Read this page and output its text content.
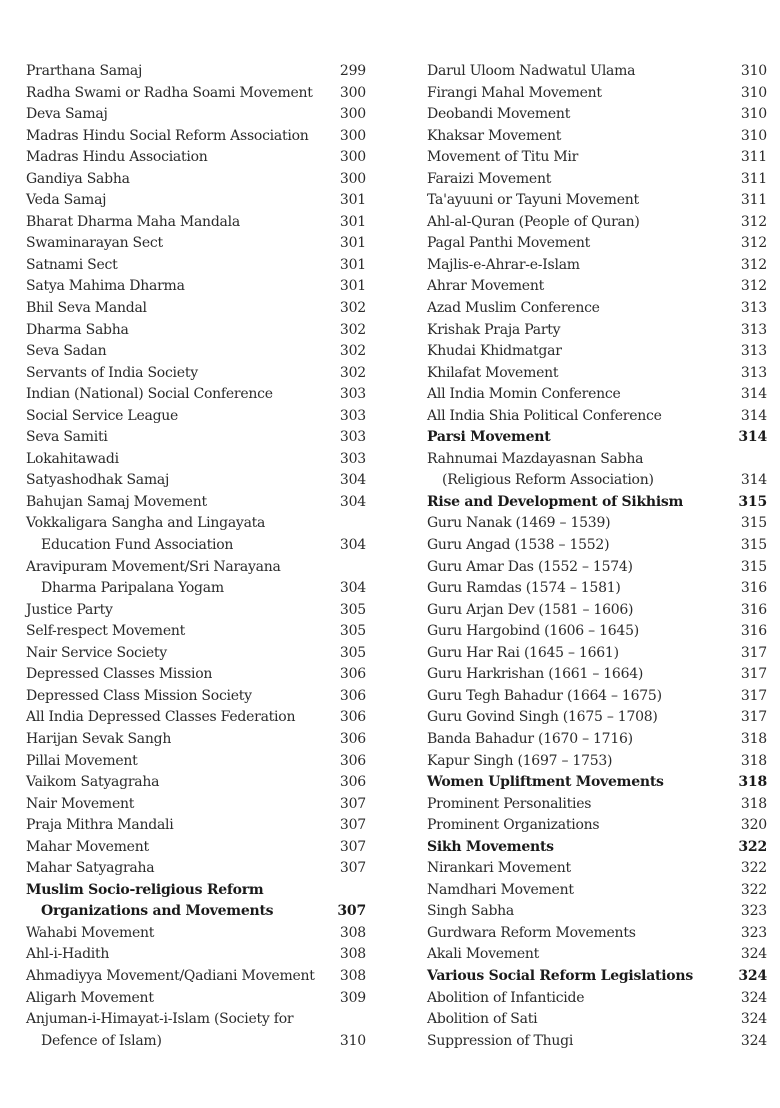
Prarthana Samaj	299
Radha Swami or Radha Soami Movement	300
Deva Samaj	300
Madras Hindu Social Reform Association	300
Madras Hindu Association	300
Gandiya Sabha	300
Veda Samaj	301
Bharat Dharma Maha Mandala	301
Swaminarayan Sect	301
Satnami Sect	301
Satya Mahima Dharma	301
Bhil Seva Mandal	302
Dharma Sabha	302
Seva Sadan	302
Servants of India Society	302
Indian (National) Social Conference	303
Social Service League	303
Seva Samiti	303
Lokahitawadi	303
Satyashodhak Samaj	304
Bahujan Samaj Movement	304
Vokkaligara Sangha and Lingayata
Education Fund Association	304
Aravipuram Movement/Sri Narayana
Dharma Paripalana Yogam	304
Justice Party	305
Self-respect Movement	305
Nair Service Society	305
Depressed Classes Mission	306
Depressed Class Mission Society	306
All India Depressed Classes Federation	306
Harijan Sevak Sangh	306
Pillai Movement	306
Vaikom Satyagraha	306
Nair Movement	307
Praja Mithra Mandali	307
Mahar Movement	307
Mahar Satyagraha	307
Muslim Socio-religious Reform
Organizations and Movements	307
Wahabi Movement	308
Ahl-i-Hadith	308
Ahmadiyya Movement/Qadiani Movement	308
Aligarh Movement	309
Anjuman-i-Himayat-i-Islam (Society for
Defence of Islam)	310
Darul Uloom Nadwatul Ulama	310
Firangi Mahal Movement	310
Deobandi Movement	310
Khaksar Movement	310
Movement of Titu Mir	311
Faraizi Movement	311
Ta'ayuuni or Tayuni Movement	311
Ahl-al-Quran (People of Quran)	312
Pagal Panthi Movement	312
Majlis-e-Ahrar-e-Islam	312
Ahrar Movement	312
Azad Muslim Conference	313
Krishak Praja Party	313
Khudai Khidmatgar	313
Khilafat Movement	313
All India Momin Conference	314
All India Shia Political Conference	314
Parsi Movement	314
Rahnumai Mazdayasnan Sabha
(Religious Reform Association)	314
Rise and Development of Sikhism	315
Guru Nanak (1469 – 1539)	315
Guru Angad (1538 – 1552)	315
Guru Amar Das (1552 – 1574)	315
Guru Ramdas (1574 – 1581)	316
Guru Arjan Dev (1581 – 1606)	316
Guru Hargobind (1606 – 1645)	316
Guru Har Rai (1645 – 1661)	317
Guru Harkrishan (1661 – 1664)	317
Guru Tegh Bahadur (1664 – 1675)	317
Guru Govind Singh (1675 – 1708)	317
Banda Bahadur (1670 – 1716)	318
Kapur Singh (1697 – 1753)	318
Women Upliftment Movements	318
Prominent Personalities	318
Prominent Organizations	320
Sikh Movements	322
Nirankari Movement	322
Namdhari Movement	322
Singh Sabha	323
Gurdwara Reform Movements	323
Akali Movement	324
Various Social Reform Legislations	324
Abolition of Infanticide	324
Abolition of Sati	324
Suppression of Thugi	324
